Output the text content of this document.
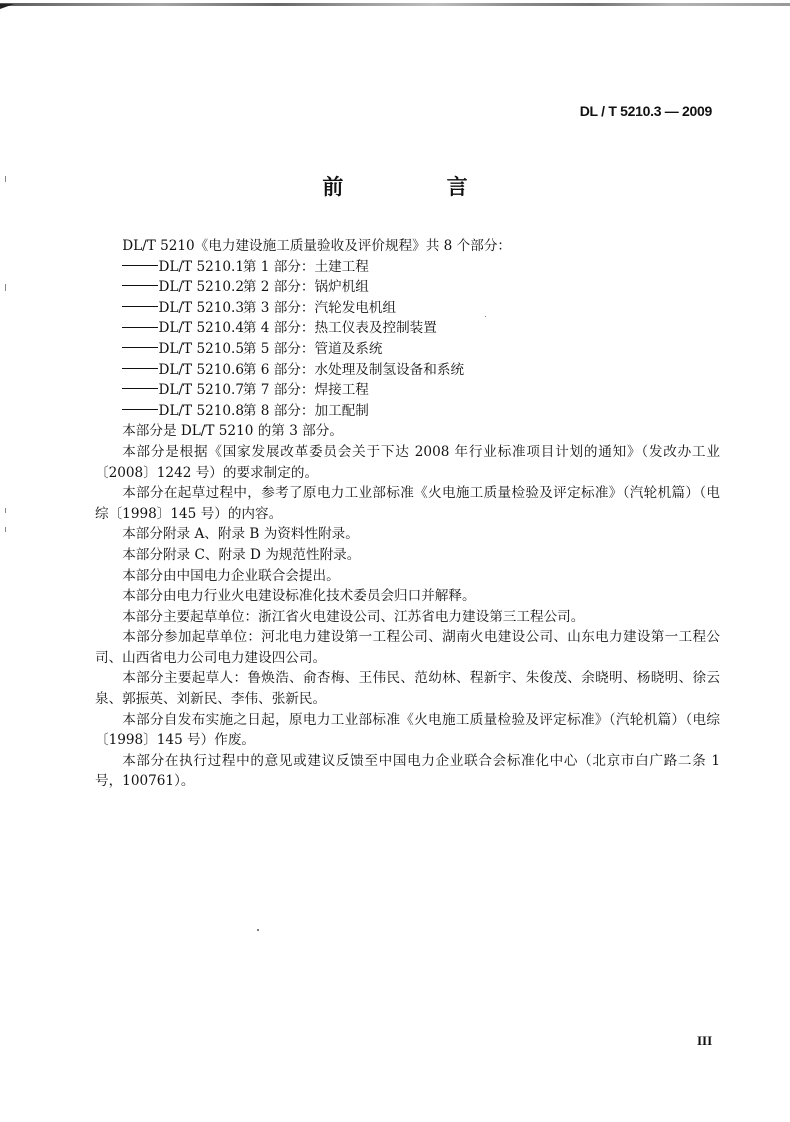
DL / T 5210.3 — 2009
前 言

DL/T 5210《电力建设施工质量验收及评价规程》共 8 个部分：

DL/T 5210.1第 1 部分：土建工程
DL/T 5210.2第 2 部分：锅炉机组
DL/T 5210.3第 3 部分：汽轮发电机组
DL/T 5210.4第 4 部分：热工仪表及控制装置
DL/T 5210.5第 5 部分：管道及系统
DL/T 5210.6第 6 部分：水处理及制氢设备和系统
DL/T 5210.7第 7 部分：焊接工程
DL/T 5210.8第 8 部分：加工配制

本部分是 DL/T 5210 的第 3 部分。

本部分是根据《国家发展改革委员会关于下达 2008 年行业标准项目计划的通知》（发改办工业〔2008〕1242 号）的要求制定的。

本部分在起草过程中，参考了原电力工业部标准《火电施工质量检验及评定标准》（汽轮机篇）（电综〔1998〕145 号）的内容。

本部分附录 A、附录 B 为资料性附录。

本部分附录 C、附录 D 为规范性附录。

本部分由中国电力企业联合会提出。

本部分由电力行业火电建设标准化技术委员会归口并解释。

本部分主要起草单位：浙江省火电建设公司、江苏省电力建设第三工程公司。

本部分参加起草单位：河北电力建设第一工程公司、湖南火电建设公司、山东电力建设第一工程公司、山西省电力公司电力建设四公司。

本部分主要起草人：鲁焕浩、俞杏梅、王伟民、范幼林、程新宇、朱俊茂、余晓明、杨晓明、徐云泉、郭振英、刘新民、李伟、张新民。

本部分自发布实施之日起，原电力工业部标准《火电施工质量检验及评定标准》（汽轮机篇）（电综〔1998〕145 号）作废。

本部分在执行过程中的意见或建议反馈至中国电力企业联合会标准化中心（北京市白广路二条 1 号，100761）。

III
